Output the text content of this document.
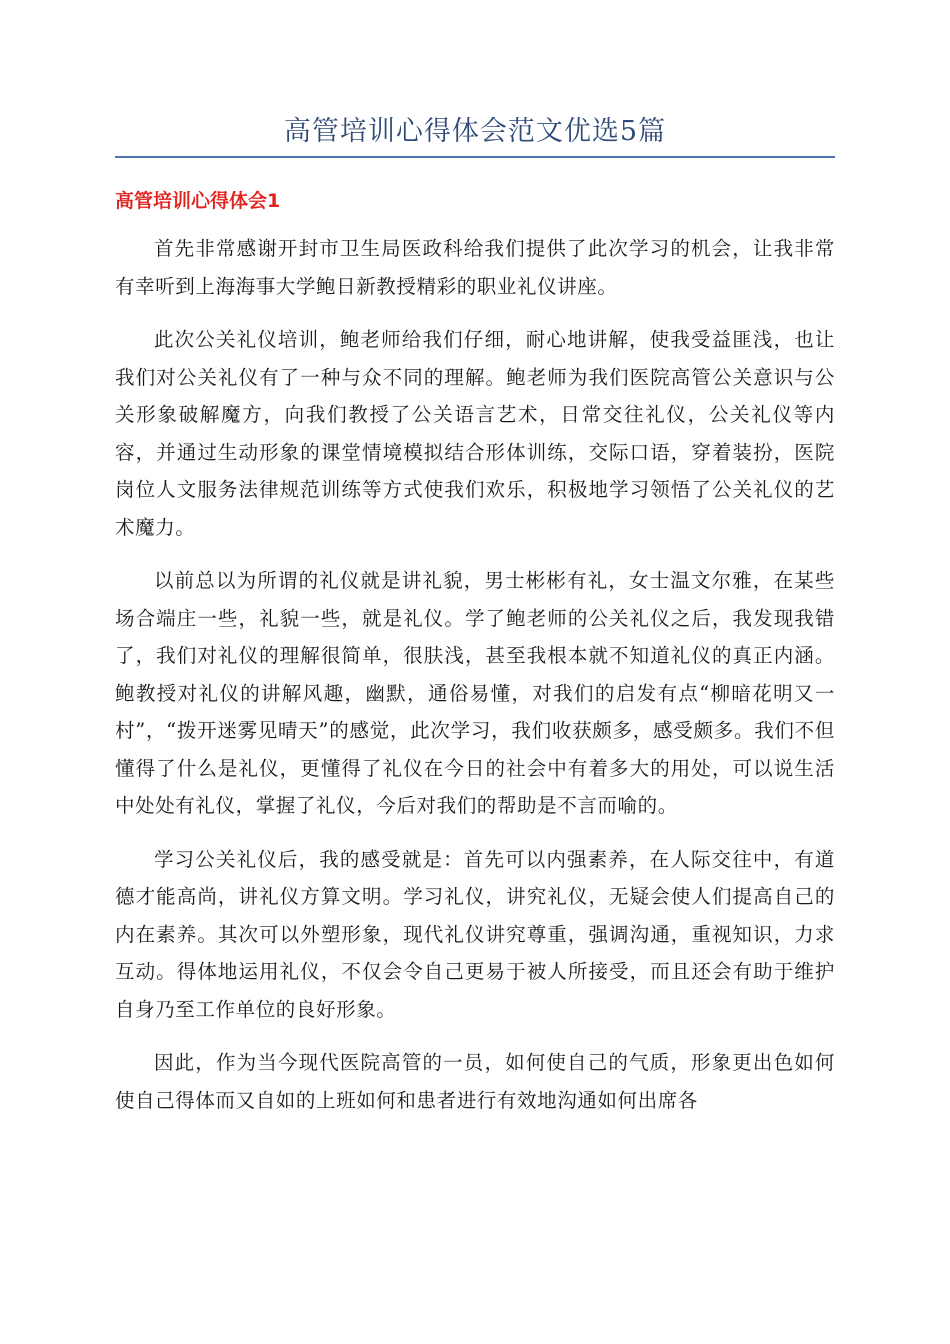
高管培训心得体会范文优选5篇
高管培训心得体会1

首先非常感谢开封市卫生局医政科给我们提供了此次学习的机会，让我非常有幸听到上海海事大学鲍日新教授精彩的职业礼仪讲座。

此次公关礼仪培训，鲍老师给我们仔细，耐心地讲解，使我受益匪浅，也让我们对公关礼仪有了一种与众不同的理解。鲍老师为我们医院高管公关意识与公关形象破解魔方，向我们教授了公关语言艺术，日常交往礼仪，公关礼仪等内容，并通过生动形象的课堂情境模拟结合形体训练，交际口语，穿着装扮，医院岗位人文服务法律规范训练等方式使我们欢乐，积极地学习领悟了公关礼仪的艺术魔力。

以前总以为所谓的礼仪就是讲礼貌，男士彬彬有礼，女士温文尔雅，在某些场合端庄一些，礼貌一些，就是礼仪。学了鲍老师的公关礼仪之后，我发现我错了，我们对礼仪的理解很简单，很肤浅，甚至我根本就不知道礼仪的真正内涵。鲍教授对礼仪的讲解风趣，幽默，通俗易懂，对我们的启发有点“柳暗花明又一村”，“拨开迷雾见晴天”的感觉，此次学习，我们收获颇多，感受颇多。我们不但懂得了什么是礼仪，更懂得了礼仪在今日的社会中有着多大的用处，可以说生活中处处有礼仪，掌握了礼仪，今后对我们的帮助是不言而喻的。

学习公关礼仪后，我的感受就是：首先可以内强素养，在人际交往中，有道德才能高尚，讲礼仪方算文明。学习礼仪，讲究礼仪，无疑会使人们提高自己的内在素养。其次可以外塑形象，现代礼仪讲究尊重，强调沟通，重视知识，力求互动。得体地运用礼仪，不仅会令自己更易于被人所接受，而且还会有助于维护自身乃至工作单位的良好形象。

因此，作为当今现代医院高管的一员，如何使自己的气质，形象更出色如何使自己得体而又自如的上班如何和患者进行有效地沟通如何出席各
